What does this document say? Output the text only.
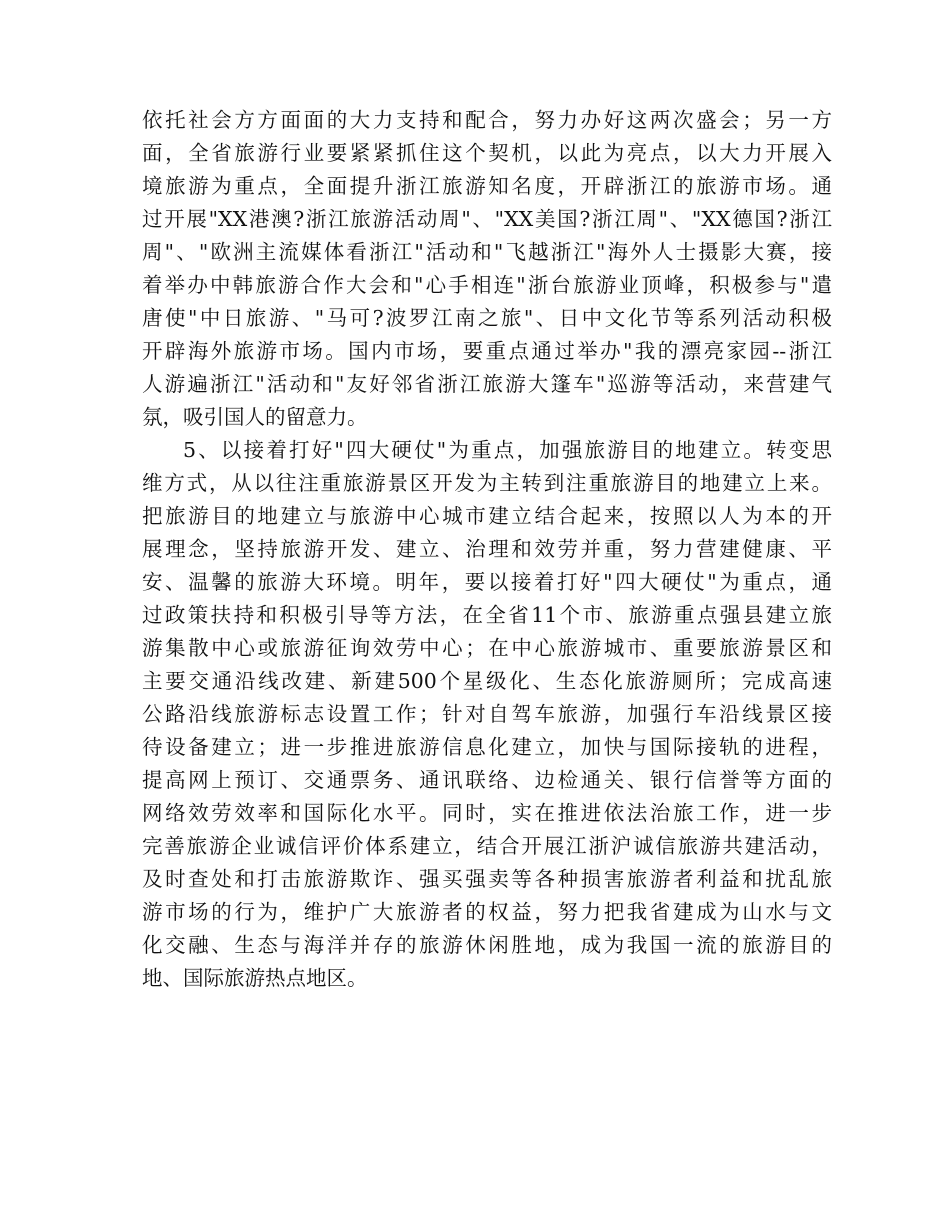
依托社会方方面面的大力支持和配合，努力办好这两次盛会；另一方
面，全省旅游行业要紧紧抓住这个契机，以此为亮点，以大力开展入
境旅游为重点，全面提升浙江旅游知名度，开辟浙江的旅游市场。通
过开展"XX港澳?浙江旅游活动周"、"XX美国?浙江周"、"XX德国?浙江
周"、"欧洲主流媒体看浙江"活动和"飞越浙江"海外人士摄影大赛，接
着举办中韩旅游合作大会和"心手相连"浙台旅游业顶峰，积极参与"遣
唐使"中日旅游、"马可?波罗江南之旅"、日中文化节等系列活动积极
开辟海外旅游市场。国内市场，要重点通过举办"我的漂亮家园--浙江
人游遍浙江"活动和"友好邻省浙江旅游大篷车"巡游等活动，来营建气
氛，吸引国人的留意力。
5、以接着打好"四大硬仗"为重点，加强旅游目的地建立。转变思
维方式，从以往注重旅游景区开发为主转到注重旅游目的地建立上来。
把旅游目的地建立与旅游中心城市建立结合起来，按照以人为本的开
展理念，坚持旅游开发、建立、治理和效劳并重，努力营建健康、平
安、温馨的旅游大环境。明年，要以接着打好"四大硬仗"为重点，通
过政策扶持和积极引导等方法，在全省11个市、旅游重点强县建立旅
游集散中心或旅游征询效劳中心；在中心旅游城市、重要旅游景区和
主要交通沿线改建、新建500个星级化、生态化旅游厕所；完成高速
公路沿线旅游标志设置工作；针对自驾车旅游，加强行车沿线景区接
待设备建立；进一步推进旅游信息化建立，加快与国际接轨的进程，
提高网上预订、交通票务、通讯联络、边检通关、银行信誉等方面的
网络效劳效率和国际化水平。同时，实在推进依法治旅工作，进一步
完善旅游企业诚信评价体系建立，结合开展江浙沪诚信旅游共建活动，
及时查处和打击旅游欺诈、强买强卖等各种损害旅游者利益和扰乱旅
游市场的行为，维护广大旅游者的权益，努力把我省建成为山水与文
化交融、生态与海洋并存的旅游休闲胜地，成为我国一流的旅游目的
地、国际旅游热点地区。
